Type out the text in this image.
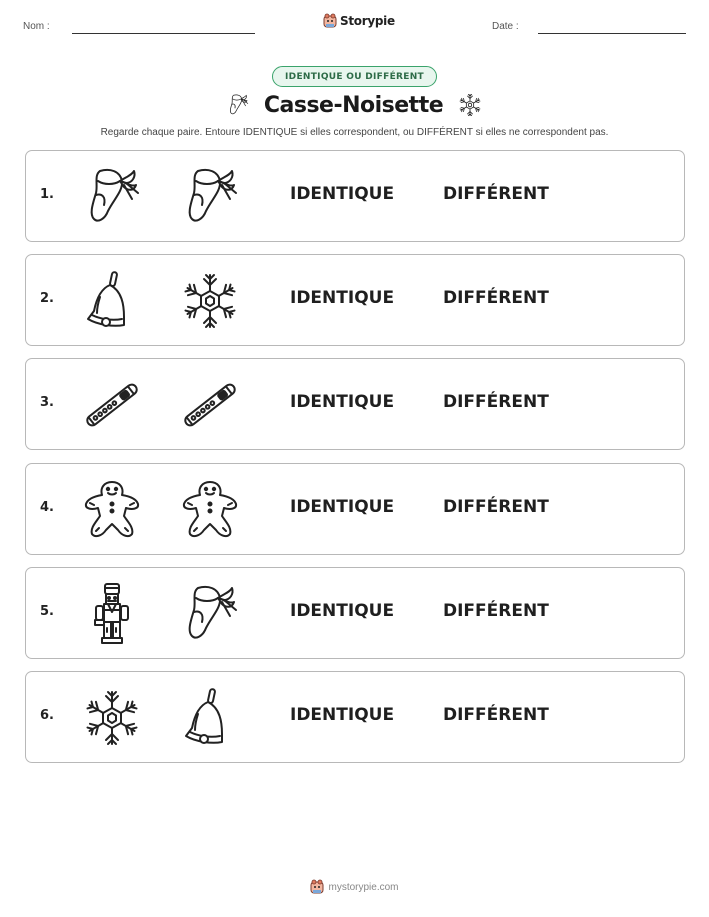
Nom :	Storypie	Date :
IDENTIQUE OU DIFFÉRENT
Casse-Noisette
Regarde chaque paire. Entoure IDENTIQUE si elles correspondent, ou DIFFÉRENT si elles ne correspondent pas.
1.	IDENTIQUE	DIFFÉRENT
2.	IDENTIQUE	DIFFÉRENT
3.	IDENTIQUE	DIFFÉRENT
4.	IDENTIQUE	DIFFÉRENT
5.	IDENTIQUE	DIFFÉRENT
6.	IDENTIQUE	DIFFÉRENT
mystorypie.com
